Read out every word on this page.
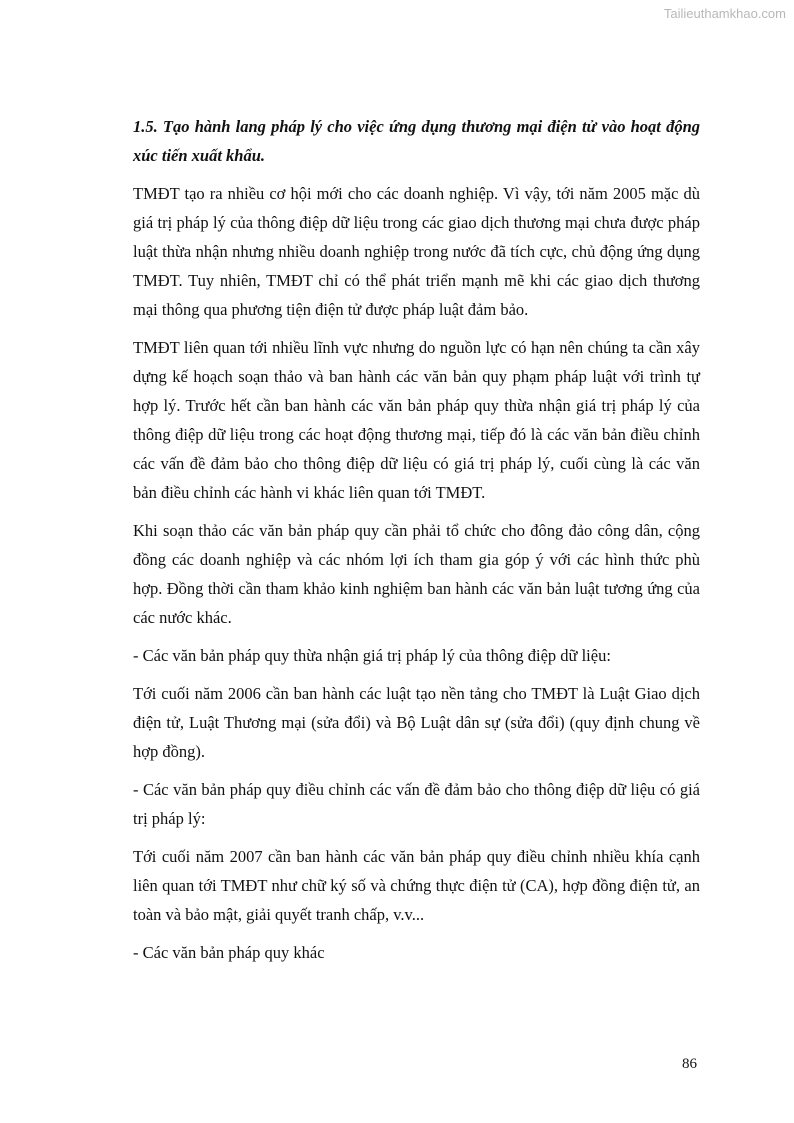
Tailieuthamkhao.com

1.5. Tạo hành lang pháp lý cho việc ứng dụng thương mại điện tử vào hoạt động xúc tiến xuất khẩu.

TMĐT tạo ra nhiều cơ hội mới cho các doanh nghiệp. Vì vậy, tới năm 2005 mặc dù giá trị pháp lý của thông điệp dữ liệu trong các giao dịch thương mại chưa được pháp luật thừa nhận nhưng nhiều doanh nghiệp trong nước đã tích cực, chủ động ứng dụng TMĐT. Tuy nhiên, TMĐT chỉ có thể phát triển mạnh mẽ khi các giao dịch thương mại thông qua phương tiện điện tử được pháp luật đảm bảo.

TMĐT liên quan tới nhiều lĩnh vực nhưng do nguồn lực có hạn nên chúng ta cần xây dựng kế hoạch soạn thảo và ban hành các văn bản quy phạm pháp luật với trình tự hợp lý. Trước hết cần ban hành các văn bản pháp quy thừa nhận giá trị pháp lý của thông điệp dữ liệu trong các hoạt động thương mại, tiếp đó là các văn bản điều chỉnh các vấn đề đảm bảo cho thông điệp dữ liệu có giá trị pháp lý, cuối cùng là các văn bản điều chỉnh các hành vi khác liên quan tới TMĐT.

Khi soạn thảo các văn bản pháp quy cần phải tổ chức cho đông đảo công dân, cộng đồng các doanh nghiệp và các nhóm lợi ích tham gia góp ý với các hình thức phù hợp. Đồng thời cần tham khảo kinh nghiệm ban hành các văn bản luật tương ứng của các nước khác.

- Các văn bản pháp quy thừa nhận giá trị pháp lý của thông điệp dữ liệu:

Tới cuối năm 2006 cần ban hành các luật tạo nền tảng cho TMĐT là Luật Giao dịch điện tử, Luật Thương mại (sửa đổi) và Bộ Luật dân sự (sửa đổi) (quy định chung về hợp đồng).

- Các văn bản pháp quy điều chỉnh các vấn đề đảm bảo cho thông điệp dữ liệu có giá trị pháp lý:

Tới cuối năm 2007 cần ban hành các văn bản pháp quy điều chỉnh nhiều khía cạnh liên quan tới TMĐT như chữ ký số và chứng thực điện tử (CA), hợp đồng điện tử, an toàn và bảo mật, giải quyết tranh chấp, v.v...

- Các văn bản pháp quy khác

86
